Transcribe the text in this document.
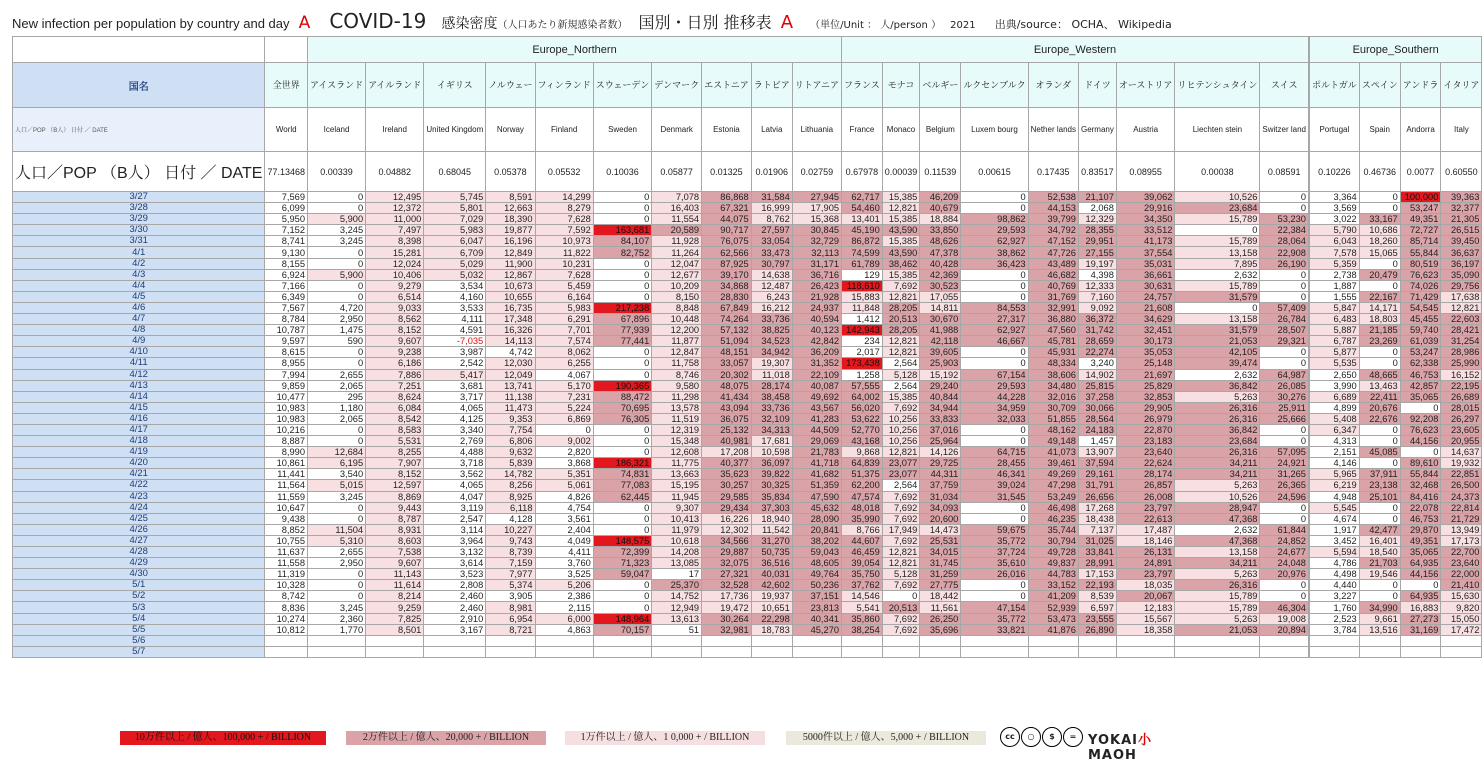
New infection per population by country and day A COVID-19 感染密度（人口あたり新規感染者数） 国別・日別 推移表 A （単位/Unit ： 人/person ） 2021 出典/source： OCHA、 Wikipedia
		Europe_Northern										Europe_Western									Europe_Southern			
国名	全世界	アイスランド	アイルランド	イギリス	ノルウェー	フィンランド	スウェーデン	デンマーク	エストニア	ラトビア	リトアニア	フランス	モナコ	ベルギー	ルクセンブルク	オランダ	ドイツ	オーストリア	リヒテンシュタイン	スイス		ポルトガル	スペイン	アンドラ	イタリア
人口／POP （B人） 日付 ／ DATE	World	Iceland	Ireland	United Kingdom	Norway	Finland	Sweden	Denmark	Estonia	Latvia	Lithuania	France	Monaco	Belgium	Luxem bourg	Nether lands	Germany	Austria	Liechten stein	Switzer land		Portugal	Spain	Andorra	Italy
人口／POP （B人） 日付 ／ DATE	77.13468	0.00339	0.04882	0.68045	0.05378	0.05532	0.10036	0.05877	0.01325	0.01906	0.02759	0.67978	0.00039	0.11539	0.00615	0.17435	0.83517	0.08955	0.00038	0.08591		0.10226	0.46736	0.0077	0.60550
3/27	7,569	0	12,495	5,745	8,591	14,299	0	7,078	86,868	31,584	27,945	62,717	15,385	46,209	0	52,538	21,107	39,062	10,526	0		3,364	0	100,000	39,363
3/28	6,099	0	12,372	5,801	12,663	8,279	0	16,403	67,321	16,999	17,905	54,460	12,821	40,679	0	44,153	2,068	29,916	23,684	0		3,569	0	53,247	32,377
3/29	5,950	5,900	11,000	7,029	18,390	7,628	0	11,554	44,075	8,762	15,368	13,401	15,385	18,884	98,862	39,799	12,329	34,350	15,789	53,230		3,022	33,167	49,351	21,305
3/30	7,152	3,245	7,497	5,983	19,877	7,592	163,681	20,589	90,717	27,597	30,845	45,190	43,590	33,850	29,593	34,792	28,355	33,512	0	22,384		5,790	10,686	72,727	26,515
3/31	8,741	3,245	8,398	6,047	16,196	10,973	84,107	11,928	76,075	33,054	32,729	86,872	15,385	48,626	62,927	47,152	29,951	41,173	15,789	28,064		6,043	18,260	85,714	39,450
4/1	9,130	0	15,281	6,709	12,849	11,822	82,752	11,264	62,566	33,473	32,113	74,599	43,590	47,378	38,862	47,726	27,155	37,554	13,158	22,908		7,578	15,065	55,844	36,637
4/2	8,155	0	12,024	5,029	11,900	10,231	0	12,047	87,925	30,797	31,171	61,789	38,462	40,428	36,423	43,489	19,197	35,031	7,895	26,190		5,359	0	80,519	36,197
4/3	6,924	5,900	10,406	5,032	12,867	7,628	0	12,677	39,170	14,638	36,716	129	15,385	42,369	0	46,682	4,398	36,661	2,632	0		2,738	20,479	76,623	35,090
4/4	7,166	0	9,279	3,534	10,673	5,459	0	10,209	34,868	12,487	26,423	118,610	7,692	30,523	0	40,769	12,333	30,631	15,789	0		1,887	0	74,026	29,756
4/5	6,349	0	6,514	4,160	10,655	6,164	0	8,150	28,830	6,243	21,928	15,883	12,821	17,055	0	31,769	7,160	24,757	31,579	0		1,555	22,167	71,429	17,638
4/6	7,567	4,720	9,033	3,533	16,735	5,983	217,238	8,848	67,849	16,212	24,937	11,848	28,205	14,811	84,553	32,991	9,092	21,608	0	57,409		5,847	14,171	54,545	12,821
4/7	8,784	2,950	8,562	4,111	17,348	6,291	67,896	10,448	74,264	33,736	40,594	1,412	20,513	30,670	27,317	36,880	36,372	34,629	13,158	26,784		6,483	18,803	45,455	22,603
4/8	10,787	1,475	8,152	4,591	16,326	7,701	77,939	12,200	57,132	38,825	40,123	142,943	28,205	41,988	62,927	47,560	31,742	32,451	31,579	28,507		5,887	21,185	59,740	28,421
4/9	9,597	590	9,607	-7,035	14,113	7,574	77,441	11,877	51,094	34,523	42,842	234	12,821	42,118	46,667	45,781	28,659	30,173	21,053	29,321		6,787	23,269	61,039	31,254
4/10	8,615	0	9,238	3,987	4,742	8,062	0	12,847	48,151	34,942	36,209	2,017	12,821	39,605	0	45,931	22,274	35,053	42,105	0		5,877	0	53,247	28,986
4/11	8,955	0	6,186	2,542	12,030	6,255	0	11,758	33,057	19,307	31,352	173,438	2,564	25,903	0	48,334	3,240	25,148	39,474	0		5,535	0	62,338	25,990
4/12	7,994	2,655	7,886	5,417	12,049	4,067	0	8,746	20,302	11,018	22,109	1,258	5,128	15,192	67,154	38,606	14,902	21,697	2,632	64,987		2,650	48,665	46,753	16,152
4/13	9,859	2,065	7,251	3,681	13,741	5,170	190,365	9,580	48,075	28,174	40,087	57,555	2,564	29,240	29,593	34,480	25,815	25,829	36,842	26,085		3,990	13,463	42,857	22,195
4/14	10,477	295	8,624	3,717	11,138	7,231	88,472	11,298	41,434	38,458	49,692	64,002	15,385	40,844	44,228	32,016	37,258	32,853	5,263	30,276		6,689	22,411	35,065	26,689
4/15	10,983	1,180	6,084	4,065	11,473	5,224	70,695	13,578	43,094	33,736	43,567	56,020	7,692	34,944	34,959	30,709	30,066	29,905	26,316	25,911		4,899	20,676	0	28,015
4/16	10,983	2,065	8,542	4,125	9,353	6,869	76,305	11,519	36,075	32,109	41,283	53,622	10,256	33,833	32,033	51,855	28,564	26,979	26,316	25,666		5,408	22,676	92,208	26,297
4/17	10,216	0	8,583	3,340	7,754	0	0	12,319	25,132	34,313	44,509	52,770	10,256	37,016	0	48,162	24,183	22,870	36,842	0		6,347	0	76,623	23,605
4/18	8,887	0	5,531	2,769	6,806	9,002	0	15,348	40,981	17,681	29,069	43,168	10,256	25,964	0	49,148	1,457	23,183	23,684	0		4,313	0	44,156	20,955
4/19	8,990	12,684	8,255	4,488	9,632	2,820	0	12,608	17,208	10,598	21,783	9,868	12,821	14,126	64,715	41,073	13,907	23,640	26,316	57,095		2,151	45,085	0	14,637
4/20	10,861	6,195	7,907	3,718	5,839	3,868	186,321	11,775	40,377	36,097	41,718	64,839	23,077	29,725	28,455	39,461	37,594	22,624	34,211	24,921		4,146	0	89,610	19,932
4/21	11,441	3,540	8,152	3,562	14,782	5,351	74,831	13,663	35,623	39,822	41,682	51,375	23,077	44,311	46,341	49,269	29,161	28,174	34,211	31,265		5,965	37,911	55,844	22,851
4/22	11,564	5,015	12,597	4,065	8,256	5,061	77,083	15,195	30,257	30,325	51,359	62,200	2,564	37,759	39,024	47,298	31,791	26,857	5,263	26,365		6,219	23,138	32,468	26,500
4/23	11,559	3,245	8,869	4,047	8,925	4,826	62,445	11,945	29,585	35,834	47,590	47,574	7,692	31,034	31,545	53,249	26,656	26,008	10,526	24,596		4,948	25,101	84,416	24,373
4/24	10,647	0	9,443	3,119	6,118	4,754	0	9,307	29,434	37,303	45,632	48,018	7,692	34,093	0	46,498	17,268	23,797	28,947	0		5,545	0	22,078	22,814
4/25	9,438	0	8,787	2,547	4,128	3,561	0	10,413	16,226	18,940	28,090	35,990	7,692	20,600	0	46,235	18,438	22,613	47,368	0		4,674	0	46,753	21,729
4/26	8,852	11,504	8,931	3,114	10,227	2,404	0	11,979	12,302	11,542	20,841	8,766	17,949	14,473	59,675	35,744	7,137	17,487	2,632	61,844		1,917	42,477	29,870	13,949
4/27	10,755	5,310	8,603	3,964	9,743	4,049	148,575	10,618	34,566	31,270	38,202	44,607	7,692	25,531	35,772	30,794	31,025	18,146	47,368	24,852		3,452	16,401	49,351	17,173
4/28	11,637	2,655	7,538	3,132	8,739	4,411	72,399	14,208	29,887	50,735	59,043	46,459	12,821	34,015	37,724	49,728	33,841	26,131	13,158	24,677		5,594	18,540	35,065	22,700
4/29	11,558	2,950	9,607	3,614	7,159	3,760	71,323	13,085	32,075	36,516	48,605	39,054	12,821	31,745	35,610	49,837	28,991	24,891	34,211	24,048		4,786	21,703	64,935	23,640
4/30	11,319	0	11,143	3,523	7,977	3,525	59,047	17	27,321	40,031	49,764	35,750	5,128	31,259	26,016	44,783	17,153	23,797	5,263	20,976		4,498	19,546	44,156	22,000
5/1	10,328	0	11,614	2,808	5,374	5,206	0	25,370	32,528	42,602	50,236	37,762	7,692	27,775	0	33,152	22,193	18,035	26,316	0		4,440	0	0	21,410
5/2	8,742	0	8,214	2,460	3,905	2,386	0	14,752	17,736	19,937	37,151	14,546	0	18,442	0	41,209	8,539	20,067	15,789	0		3,227	0	64,935	15,630
5/3	8,836	3,245	9,259	2,460	8,981	2,115	0	12,949	19,472	10,651	23,813	5,541	20,513	11,561	47,154	52,939	6,597	12,183	15,789	46,304		1,760	34,990	16,883	9,820
5/4	10,274	2,360	7,825	2,910	6,954	6,000	148,964	13,613	30,264	22,298	40,341	35,860	7,692	26,250	35,772	53,473	23,555	15,567	5,263	19,008		2,523	9,661	27,273	15,050
5/5	10,812	1,770	8,501	3,167	8,721	4,863	70,157	51	32,981	18,783	45,270	38,254	7,692	35,696	33,821	41,876	26,890	18,358	21,053	20,894		3,784	13,516	31,169	17,472
5/6																									
5/7																									
10万件以上 / 億人、100,000 + / BILLION	2万件以上 / 億人、20,000 + / BILLION	1万件以上 / 億人、1 0,000 + / BILLION	5000件以上 / 億人、5,000 + / BILLION	cc	○	$	= YOKAI小MAOH
